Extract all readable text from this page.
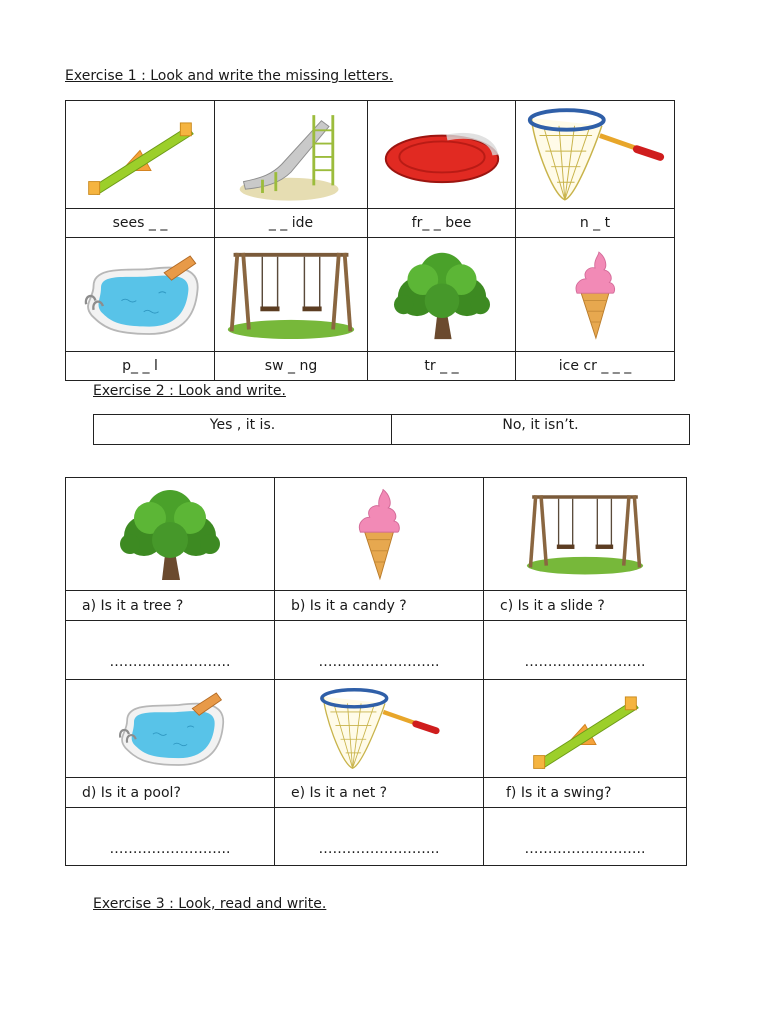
Exercise 1 : Look and write the missing letters.

sees _ _	_ _ ide	fr_ _ bee	n _ t

p_ _ l	sw _ ng	tr _ _	ice cr _ _ _
Exercise 2 : Look and write.
Yes , it is.	No, it isn’t.

a) Is it a tree ?	b) Is it a candy ?	c) Is it a slide ?
……………………..	……………………..	……………………..

d) Is it a pool?	e) Is it a net ?	f) Is it a swing?
……………………..	……………………..	……………………..
Exercise 3 : Look, read and write.
